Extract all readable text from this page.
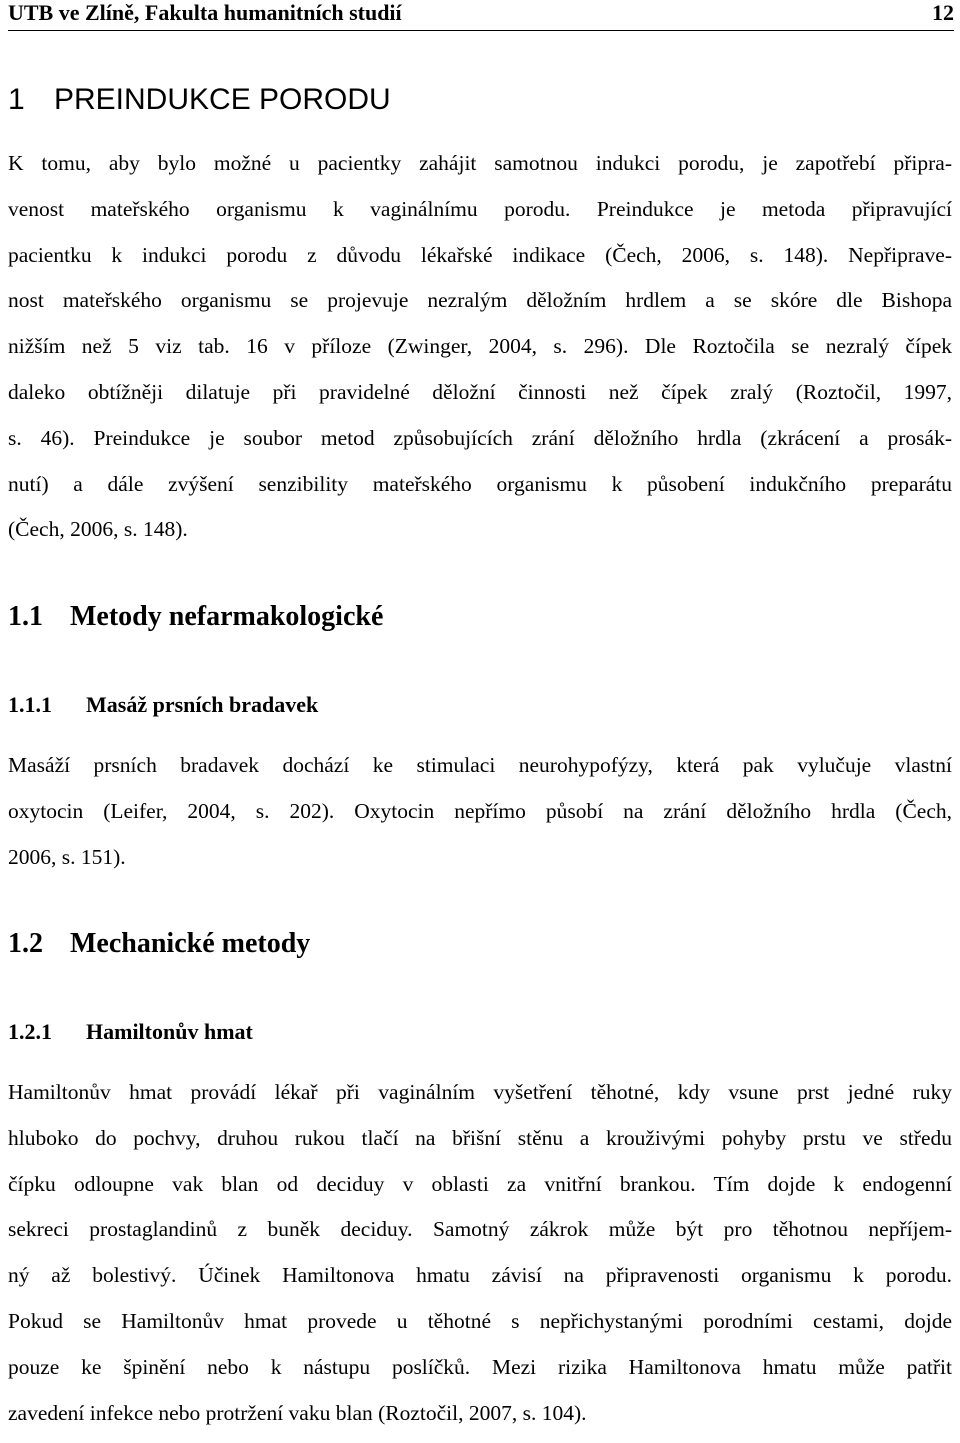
UTB ve Zlíně, Fakulta humanitních studií	12
1 PREINDUKCE PORODU
K tomu, aby bylo možné u pacientky zahájit samotnou indukci porodu, je zapotřebí připra-
venost mateřského organismu k vaginálnímu porodu. Preindukce je metoda připravující
pacientku k indukci porodu z důvodu lékařské indikace (Čech, 2006, s. 148). Nepřiprave-
nost mateřského organismu se projevuje nezralým děložním hrdlem a se skóre dle Bishopa
nižším než 5 viz tab. 16 v příloze (Zwinger, 2004, s. 296). Dle Roztočila se nezralý čípek
daleko obtížněji dilatuje při pravidelné děložní činnosti než čípek zralý (Roztočil, 1997,
s. 46). Preindukce je soubor metod způsobujících zrání děložního hrdla (zkrácení a prosák-
nutí) a dále zvýšení senzibility mateřského organismu k působení indukčního preparátu
(Čech, 2006, s. 148).
1.1 Metody nefarmakologické
1.1.1 Masáž prsních bradavek
Masáží prsních bradavek dochází ke stimulaci neurohypofýzy, která pak vylučuje vlastní
oxytocin (Leifer, 2004, s. 202). Oxytocin nepřímo působí na zrání děložního hrdla (Čech,
2006, s. 151).
1.2 Mechanické metody
1.2.1 Hamiltonův hmat
Hamiltonův hmat provádí lékař při vaginálním vyšetření těhotné, kdy vsune prst jedné ruky
hluboko do pochvy, druhou rukou tlačí na břišní stěnu a krouživými pohyby prstu ve středu
čípku odloupne vak blan od deciduy v oblasti za vnitřní brankou. Tím dojde k endogenní
sekreci prostaglandinů z buněk deciduy. Samotný zákrok může být pro těhotnou nepříjem-
ný až bolestivý. Účinek Hamiltonova hmatu závisí na připravenosti organismu k porodu.
Pokud se Hamiltonův hmat provede u těhotné s nepřichystanými porodními cestami, dojde
pouze ke špinění nebo k nástupu poslíčků. Mezi rizika Hamiltonova hmatu může patřit
zavedení infekce nebo protržení vaku blan (Roztočil, 2007, s. 104).
